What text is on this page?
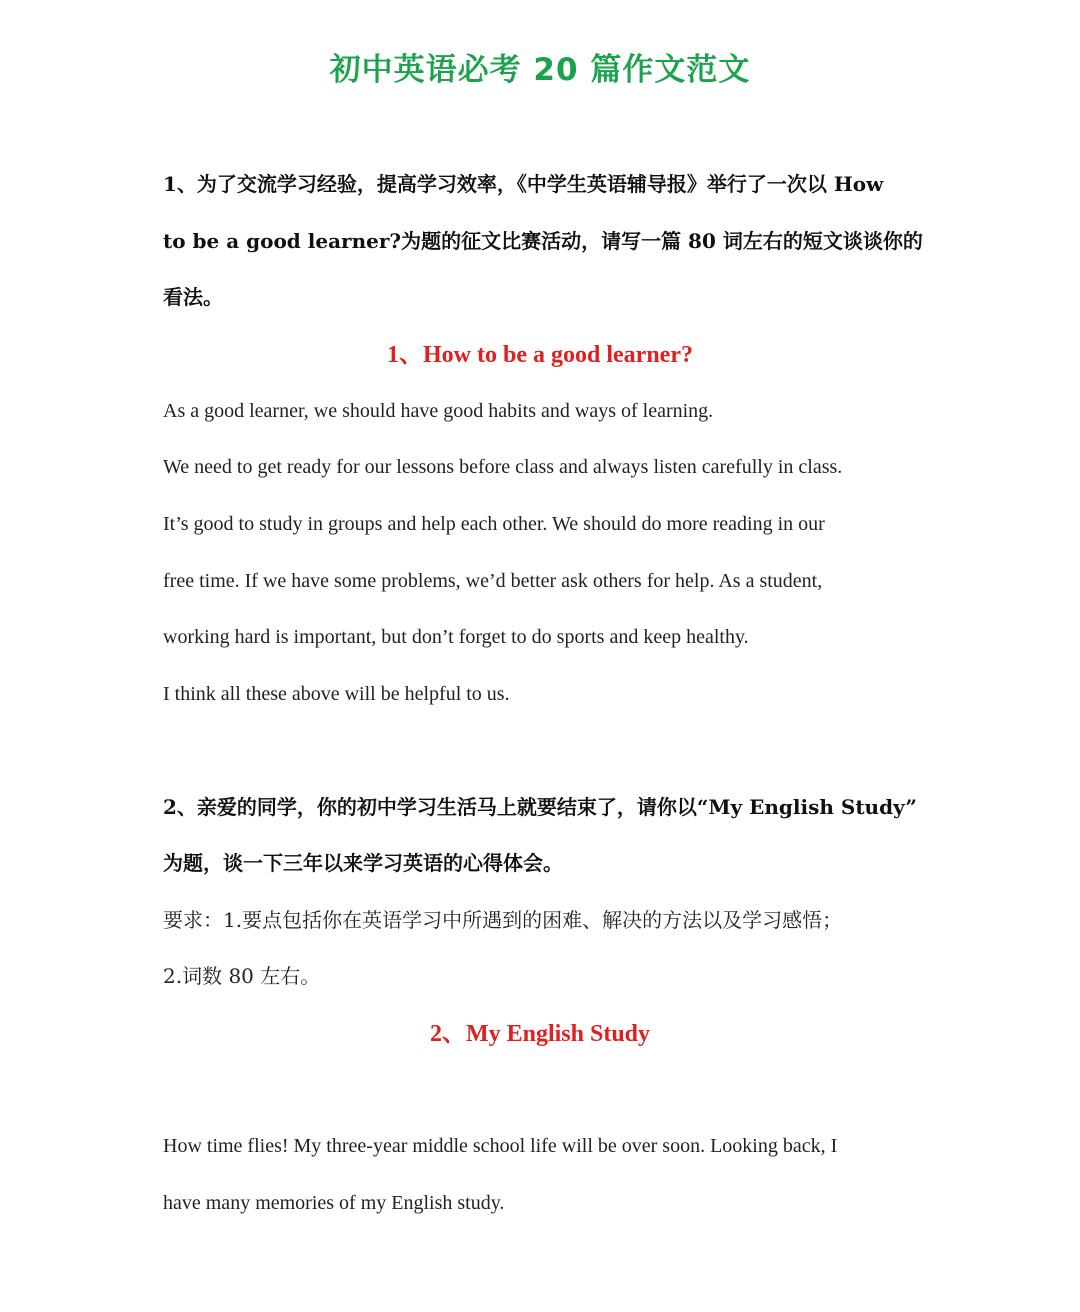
初中英语必考 20 篇作文范文

1、为了交流学习经验，提高学习效率，《中学生英语辅导报》举行了一次以 How

to be a good learner?为题的征文比赛活动，请写一篇 80 词左右的短文谈谈你的

看法。

1、How to be a good learner?

As a good learner, we should have good habits and ways of learning.

We need to get ready for our lessons before class and always listen carefully in class.

It’s good to study in groups and help each other. We should do more reading in our

free time. If we have some problems, we’d better ask others for help. As a student,

working hard is important, but don’t forget to do sports and keep healthy.

I think all these above will be helpful to us.

2、亲爱的同学，你的初中学习生活马上就要结束了，请你以“My English Study”

为题，谈一下三年以来学习英语的心得体会。

要求：1.要点包括你在英语学习中所遇到的困难、解决的方法以及学习感悟；

2.词数 80 左右。

2、My English Study

How time flies! My three-year middle school life will be over soon. Looking back, I

have many memories of my English study.
